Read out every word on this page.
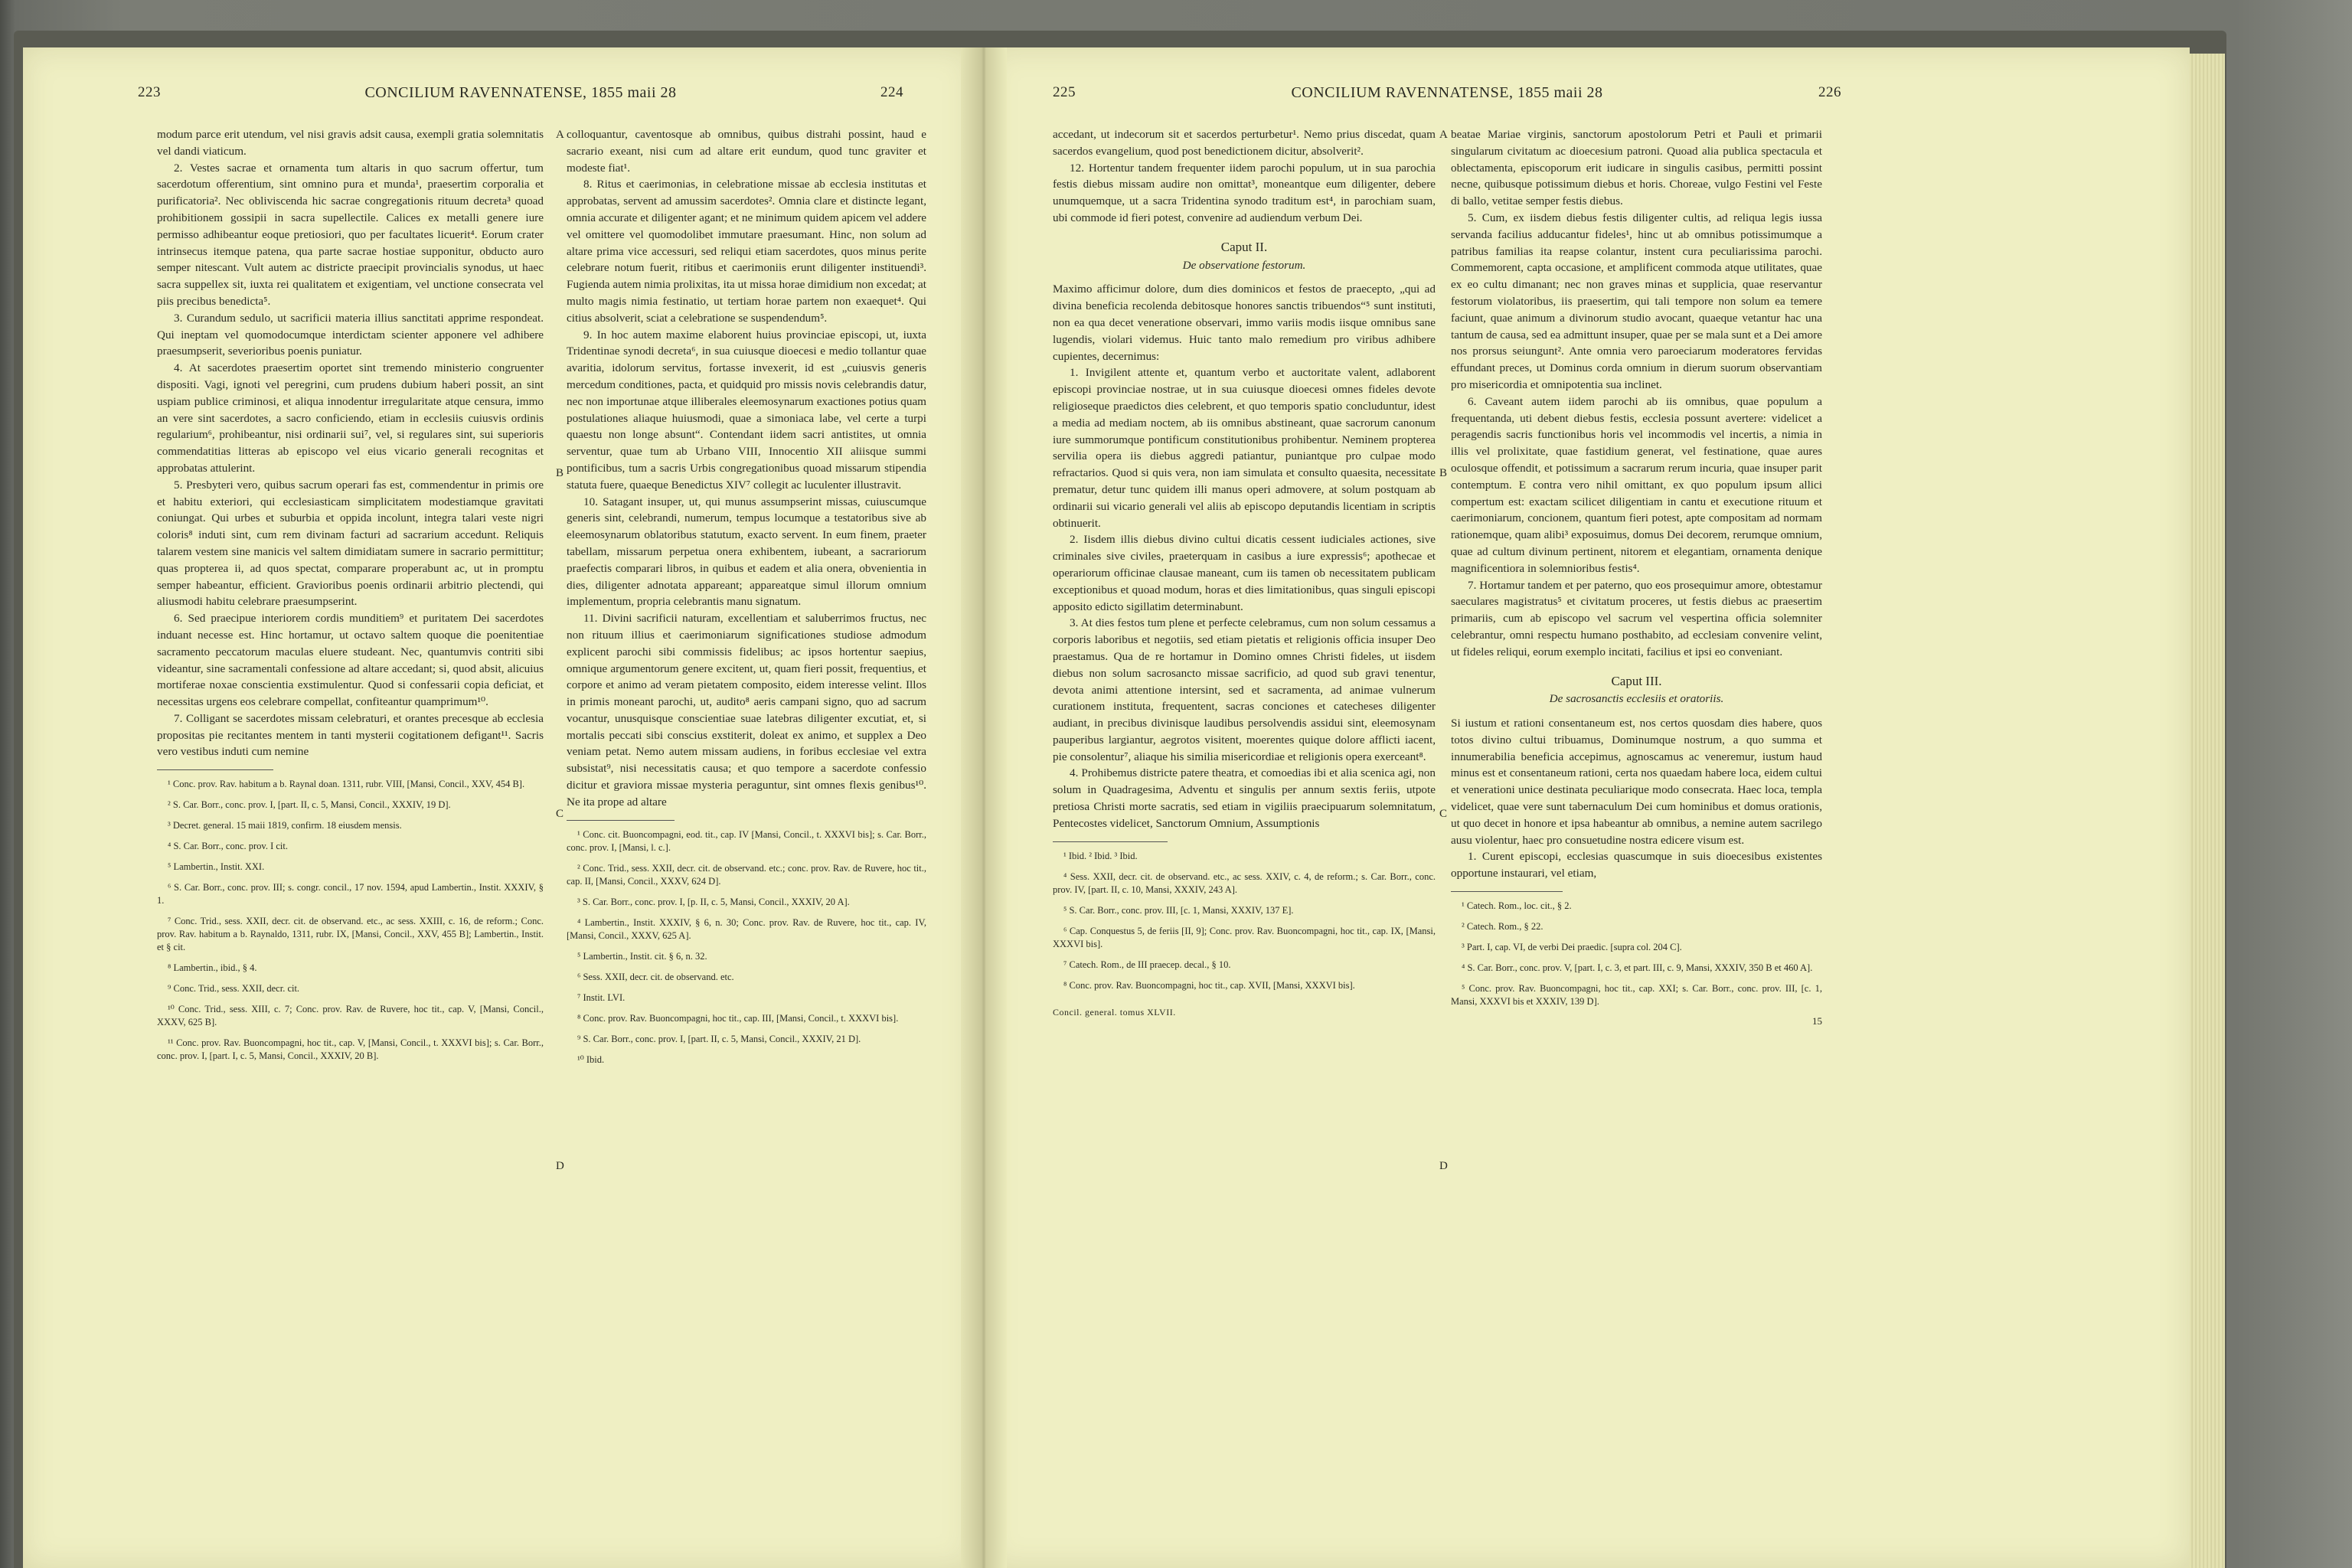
223	CONCILIUM RAVENNATENSE, 1855 maii 28	224	225	CONCILIUM RAVENNATENSE, 1855 maii 28	226

modum parce erit utendum, vel nisi gravis adsit causa, exempli gratia solemnitatis vel dandi viaticum.

2. Vestes sacrae et ornamenta tum altaris in quo sacrum offertur, tum sacerdotum offerentium, sint omnino pura et munda¹, praesertim corporalia et purificatoria². Nec obliviscenda hic sacrae congregationis rituum decreta³ quoad prohibitionem gossipii in sacra supellectile. Calices ex metalli genere iure permisso adhibeantur eoque pretiosiori, quo per facultates licuerit⁴. Eorum crater intrinsecus itemque patena, qua parte sacrae hostiae supponitur, obducto auro semper nitescant. Vult autem ac districte praecipit provincialis synodus, ut haec sacra suppellex sit, iuxta rei qualitatem et exigentiam, vel unctione consecrata vel piis precibus benedicta⁵.

3. Curandum sedulo, ut sacrificii materia illius sanctitati apprime respondeat. Qui ineptam vel quomodocumque interdictam scienter apponere vel adhibere praesumpserit, severioribus poenis puniatur.

4. At sacerdotes praesertim oportet sint tremendo ministerio congruenter dispositi. Vagi, ignoti vel peregrini, cum prudens dubium haberi possit, an sint uspiam publice criminosi, et aliqua innodentur irregularitate atque censura, immo an vere sint sacerdotes, a sacro conficiendo, etiam in ecclesiis cuiusvis ordinis regularium⁶, prohibeantur, nisi ordinarii sui⁷, vel, si regulares sint, sui superioris commendatitias litteras ab episcopo vel eius vicario generali recognitas et approbatas attulerint.

5. Presbyteri vero, quibus sacrum operari fas est, commendentur in primis ore et habitu exteriori, qui ecclesiasticam simplicitatem modestiamque gravitati coniungat. Qui urbes et suburbia et oppida incolunt, integra talari veste nigri coloris⁸ induti sint, cum rem divinam facturi ad sacrarium accedunt. Reliquis talarem vestem sine manicis vel saltem dimidiatam sumere in sacrario permittitur; quas propterea ii, ad quos spectat, comparare properabunt ac, ut in promptu semper habeantur, efficient. Gravioribus poenis ordinarii arbitrio plectendi, qui aliusmodi habitu celebrare praesumpserint.

6. Sed praecipue interiorem cordis munditiem⁹ et puritatem Dei sacerdotes induant necesse est. Hinc hortamur, ut octavo saltem quoque die poenitentiae sacramento peccatorum maculas eluere studeant. Nec, quantumvis contriti sibi videantur, sine sacramentali confessione ad altare accedant; si, quod absit, alicuius mortiferae noxae conscientia exstimulentur. Quod si confessarii copia deficiat, et necessitas urgens eos celebrare compellat, confiteantur quamprimum¹⁰.

7. Colligant se sacerdotes missam celebraturi, et orantes precesque ab ecclesia propositas pie recitantes mentem in tanti mysterii cogitationem defigant¹¹. Sacris vero vestibus induti cum nemine

¹ Conc. prov. Rav. habitum a b. Raynal doan. 1311, rubr. VIII, [Mansi, Concil., XXV, 454 B].

² S. Car. Borr., conc. prov. I, [part. II, c. 5, Mansi, Concil., XXXIV, 19 D].

³ Decret. general. 15 maii 1819, confirm. 18 eiusdem mensis.

⁴ S. Car. Borr., conc. prov. I cit.

⁵ Lambertin., Instit. XXI.

⁶ S. Car. Borr., conc. prov. III; s. congr. concil., 17 nov. 1594, apud Lambertin., Instit. XXXIV, § 1.

⁷ Conc. Trid., sess. XXII, decr. cit. de observand. etc., ac sess. XXIII, c. 16, de reform.; Conc. prov. Rav. habitum a b. Raynaldo, 1311, rubr. IX, [Mansi, Concil., XXV, 455 B]; Lambertin., Instit. et § cit.

⁸ Lambertin., ibid., § 4.

⁹ Conc. Trid., sess. XXII, decr. cit.

¹⁰ Conc. Trid., sess. XIII, c. 7; Conc. prov. Rav. de Ruvere, hoc tit., cap. V, [Mansi, Concil., XXXV, 625 B].

¹¹ Conc. prov. Rav. Buoncompagni, hoc tit., cap. V, [Mansi, Concil., t. XXXVI bis]; s. Car. Borr., conc. prov. I, [part. I, c. 5, Mansi, Concil., XXXIV, 20 B].

colloquantur, caventosque ab omnibus, quibus distrahi possint, haud e sacrario exeant, nisi cum ad altare erit eundum, quod tunc graviter et modeste fiat¹.

8. Ritus et caerimonias, in celebratione missae ab ecclesia institutas et approbatas, servent ad amussim sacerdotes². Omnia clare et distincte legant, omnia accurate et diligenter agant; et ne minimum quidem apicem vel addere vel omittere vel quomodolibet immutare praesumant. Hinc, non solum ad altare prima vice accessuri, sed reliqui etiam sacerdotes, quos minus perite celebrare notum fuerit, ritibus et caerimoniis erunt diligenter instituendi³. Fugienda autem nimia prolixitas, ita ut missa horae dimidium non excedat; at multo magis nimia festinatio, ut tertiam horae partem non exaequet⁴. Qui citius absolverit, sciat a celebratione se suspendendum⁵.

9. In hoc autem maxime elaborent huius provinciae episcopi, ut, iuxta Tridentinae synodi decreta⁶, in sua cuiusque dioecesi e medio tollantur quae avaritia, idolorum servitus, fortasse invexerit, id est „cuiusvis generis mercedum conditiones, pacta, et quidquid pro missis novis celebrandis datur, nec non importunae atque illiberales eleemosynarum exactiones potius quam postulationes aliaque huiusmodi, quae a simoniaca labe, vel certe a turpi quaestu non longe absunt“. Contendant iidem sacri antistites, ut omnia serventur, quae tum ab Urbano VIII, Innocentio XII aliisque summi pontificibus, tum a sacris Urbis congregationibus quoad missarum stipendia statuta fuere, quaeque Benedictus XIV⁷ collegit ac luculenter illustravit.

10. Satagant insuper, ut, qui munus assumpserint missas, cuiuscumque generis sint, celebrandi, numerum, tempus locumque a testatoribus sive ab eleemosynarum oblatoribus statutum, exacto servent. In eum finem, praeter tabellam, missarum perpetua onera exhibentem, iubeant, a sacrariorum praefectis comparari libros, in quibus et eadem et alia onera, obvenientia in dies, diligenter adnotata appareant; appareatque simul illorum omnium implementum, propria celebrantis manu signatum.

11. Divini sacrificii naturam, excellentiam et saluberrimos fructus, nec non rituum illius et caerimoniarum significationes studiose admodum explicent parochi sibi commissis fidelibus; ac ipsos hortentur saepius, omnique argumentorum genere excitent, ut, quam fieri possit, frequentius, et corpore et animo ad veram pietatem composito, eidem interesse velint. Illos in primis moneant parochi, ut, audito⁸ aeris campani signo, quo ad sacrum vocantur, unusquisque conscientiae suae latebras diligenter excutiat, et, si mortalis peccati sibi conscius exstiterit, doleat ex animo, et supplex a Deo veniam petat. Nemo autem missam audiens, in foribus ecclesiae vel extra subsistat⁹, nisi necessitatis causa; et quo tempore a sacerdote confessio dicitur et graviora missae mysteria peraguntur, sint omnes flexis genibus¹⁰. Ne ita prope ad altare

¹ Conc. cit. Buoncompagni, eod. tit., cap. IV [Mansi, Concil., t. XXXVI bis]; s. Car. Borr., conc. prov. I, [Mansi, l. c.].

² Conc. Trid., sess. XXII, decr. cit. de observand. etc.; conc. prov. Rav. de Ruvere, hoc tit., cap. II, [Mansi, Concil., XXXV, 624 D].

³ S. Car. Borr., conc. prov. I, [p. II, c. 5, Mansi, Concil., XXXIV, 20 A].

⁴ Lambertin., Instit. XXXIV, § 6, n. 30; Conc. prov. Rav. de Ruvere, hoc tit., cap. IV, [Mansi, Concil., XXXV, 625 A].

⁵ Lambertin., Instit. cit. § 6, n. 32.

⁶ Sess. XXII, decr. cit. de observand. etc.

⁷ Instit. LVI.

⁸ Conc. prov. Rav. Buoncompagni, hoc tit., cap. III, [Mansi, Concil., t. XXXVI bis].

⁹ S. Car. Borr., conc. prov. I, [part. II, c. 5, Mansi, Concil., XXXIV, 21 D].

¹⁰ Ibid.

A
B
C
D

accedant, ut indecorum sit et sacerdos perturbetur¹. Nemo prius discedat, quam sacerdos evangelium, quod post benedictionem dicitur, absolverit².

12. Hortentur tandem frequenter iidem parochi populum, ut in sua parochia festis diebus missam audire non omittat³, moneantque eum diligenter, debere unumquemque, ut a sacra Tridentina synodo traditum est⁴, in parochiam suam, ubi commode id fieri potest, convenire ad audiendum verbum Dei.

Caput II.

De observatione festorum.

Maximo afficimur dolore, dum dies dominicos et festos de praecepto, „qui ad divina beneficia recolenda debitosque honores sanctis tribuendos“⁵ sunt instituti, non ea qua decet veneratione observari, immo variis modis iisque omnibus sane lugendis, violari videmus. Huic tanto malo remedium pro viribus adhibere cupientes, decernimus:

1. Invigilent attente et, quantum verbo et auctoritate valent, adlaborent episcopi provinciae nostrae, ut in sua cuiusque dioecesi omnes fideles devote religioseque praedictos dies celebrent, et quo temporis spatio concluduntur, idest a media ad mediam noctem, ab iis omnibus abstineant, quae sacrorum canonum iure summorumque pontificum constitutionibus prohibentur. Neminem propterea servilia opera iis diebus aggredi patiantur, puniantque pro culpae modo refractarios. Quod si quis vera, non iam simulata et consulto quaesita, necessitate prematur, detur tunc quidem illi manus operi admovere, at solum postquam ab ordinarii sui vicario generali vel aliis ab episcopo deputandis licentiam in scriptis obtinuerit.

2. Iisdem illis diebus divino cultui dicatis cessent iudiciales actiones, sive criminales sive civiles, praeterquam in casibus a iure expressis⁶; apothecae et operariorum officinae clausae maneant, cum iis tamen ob necessitatem publicam exceptionibus et quoad modum, horas et dies limitationibus, quas singuli episcopi apposito edicto sigillatim determinabunt.

3. At dies festos tum plene et perfecte celebramus, cum non solum cessamus a corporis laboribus et negotiis, sed etiam pietatis et religionis officia insuper Deo praestamus. Qua de re hortamur in Domino omnes Christi fideles, ut iisdem diebus non solum sacrosancto missae sacrificio, ad quod sub gravi tenentur, devota animi attentione intersint, sed et sacramenta, ad animae vulnerum curationem instituta, frequentent, sacras conciones et catecheses diligenter audiant, in precibus divinisque laudibus persolvendis assidui sint, eleemosynam pauperibus largiantur, aegrotos visitent, moerentes quique dolore afflicti iacent, pie consolentur⁷, aliaque his similia misericordiae et religionis opera exerceant⁸.

4. Prohibemus districte patere theatra, et comoedias ibi et alia scenica agi, non solum in Quadragesima, Adventu et singulis per annum sextis feriis, utpote pretiosa Christi morte sacratis, sed etiam in vigiliis praecipuarum solemnitatum, Pentecostes videlicet, Sanctorum Omnium, Assumptionis

¹ Ibid. ² Ibid. ³ Ibid.

⁴ Sess. XXII, decr. cit. de observand. etc., ac sess. XXIV, c. 4, de reform.; s. Car. Borr., conc. prov. IV, [part. II, c. 10, Mansi, XXXIV, 243 A].

⁵ S. Car. Borr., conc. prov. III, [c. 1, Mansi, XXXIV, 137 E].

⁶ Cap. Conquestus 5, de feriis [II, 9]; Conc. prov. Rav. Buoncompagni, hoc tit., cap. IX, [Mansi, XXXVI bis].

⁷ Catech. Rom., de III praecep. decal., § 10.

⁸ Conc. prov. Rav. Buoncompagni, hoc tit., cap. XVII, [Mansi, XXXVI bis].

Concil. general. tomus XLVII.

beatae Mariae virginis, sanctorum apostolorum Petri et Pauli et primarii singularum civitatum ac dioecesium patroni. Quoad alia publica spectacula et oblectamenta, episcoporum erit iudicare in singulis casibus, permitti possint necne, quibusque potissimum diebus et horis. Choreae, vulgo Festini vel Feste di ballo, vetitae semper festis diebus.

5. Cum, ex iisdem diebus festis diligenter cultis, ad reliqua legis iussa servanda facilius adducantur fideles¹, hinc ut ab omnibus potissimumque a patribus familias ita reapse colantur, instent cura peculiarissima parochi. Commemorent, capta occasione, et amplificent commoda atque utilitates, quae ex eo cultu dimanant; nec non graves minas et supplicia, quae reservantur festorum violatoribus, iis praesertim, qui tali tempore non solum ea temere faciunt, quae animum a divinorum studio avocant, quaeque vetantur hac una tantum de causa, sed ea admittunt insuper, quae per se mala sunt et a Dei amore nos prorsus seiungunt². Ante omnia vero paroeciarum moderatores fervidas effundant preces, ut Dominus corda omnium in dierum suorum observantiam pro misericordia et omnipotentia sua inclinet.

6. Caveant autem iidem parochi ab iis omnibus, quae populum a frequentanda, uti debent diebus festis, ecclesia possunt avertere: videlicet a peragendis sacris functionibus horis vel incommodis vel incertis, a nimia in illis vel prolixitate, quae fastidium generat, vel festinatione, quae aures oculosque offendit, et potissimum a sacrarum rerum incuria, quae insuper parit contemptum. E contra vero nihil omittant, ex quo populum ipsum allici compertum est: exactam scilicet diligentiam in cantu et executione rituum et caerimoniarum, concionem, quantum fieri potest, apte compositam ad normam rationemque, quam alibi³ exposuimus, domus Dei decorem, rerumque omnium, quae ad cultum divinum pertinent, nitorem et elegantiam, ornamenta denique magnificentiora in solemnioribus festis⁴.

7. Hortamur tandem et per paterno, quo eos prosequimur amore, obtestamur saeculares magistratus⁵ et civitatum proceres, ut festis diebus ac praesertim primariis, cum ab episcopo vel sacrum vel vespertina officia solemniter celebrantur, omni respectu humano posthabito, ad ecclesiam convenire velint, ut fideles reliqui, eorum exemplo incitati, facilius et ipsi eo conveniant.

Caput III.

De sacrosanctis ecclesiis et oratoriis.

Si iustum et rationi consentaneum est, nos certos quosdam dies habere, quos totos divino cultui tribuamus, Dominumque nostrum, a quo summa et innumerabilia beneficia accepimus, agnoscamus ac veneremur, iustum haud minus est et consentaneum rationi, certa nos quaedam habere loca, eidem cultui et venerationi unice destinata peculiarique modo consecrata. Haec loca, templa videlicet, quae vere sunt tabernaculum Dei cum hominibus et domus orationis, ut quo decet in honore et ipsa habeantur ab omnibus, a nemine autem sacrilego ausu violentur, haec pro consuetudine nostra edicere visum est.

1. Curent episcopi, ecclesias quascumque in suis dioecesibus existentes opportune instaurari, vel etiam,

¹ Catech. Rom., loc. cit., § 2.

² Catech. Rom., § 22.

³ Part. I, cap. VI, de verbi Dei praedic. [supra col. 204 C].

⁴ S. Car. Borr., conc. prov. V, [part. I, c. 3, et part. III, c. 9, Mansi, XXXIV, 350 B et 460 A].

⁵ Conc. prov. Rav. Buoncompagni, hoc tit., cap. XXI; s. Car. Borr., conc. prov. III, [c. 1, Mansi, XXXVI bis et XXXIV, 139 D].

15

A
B
C
D
